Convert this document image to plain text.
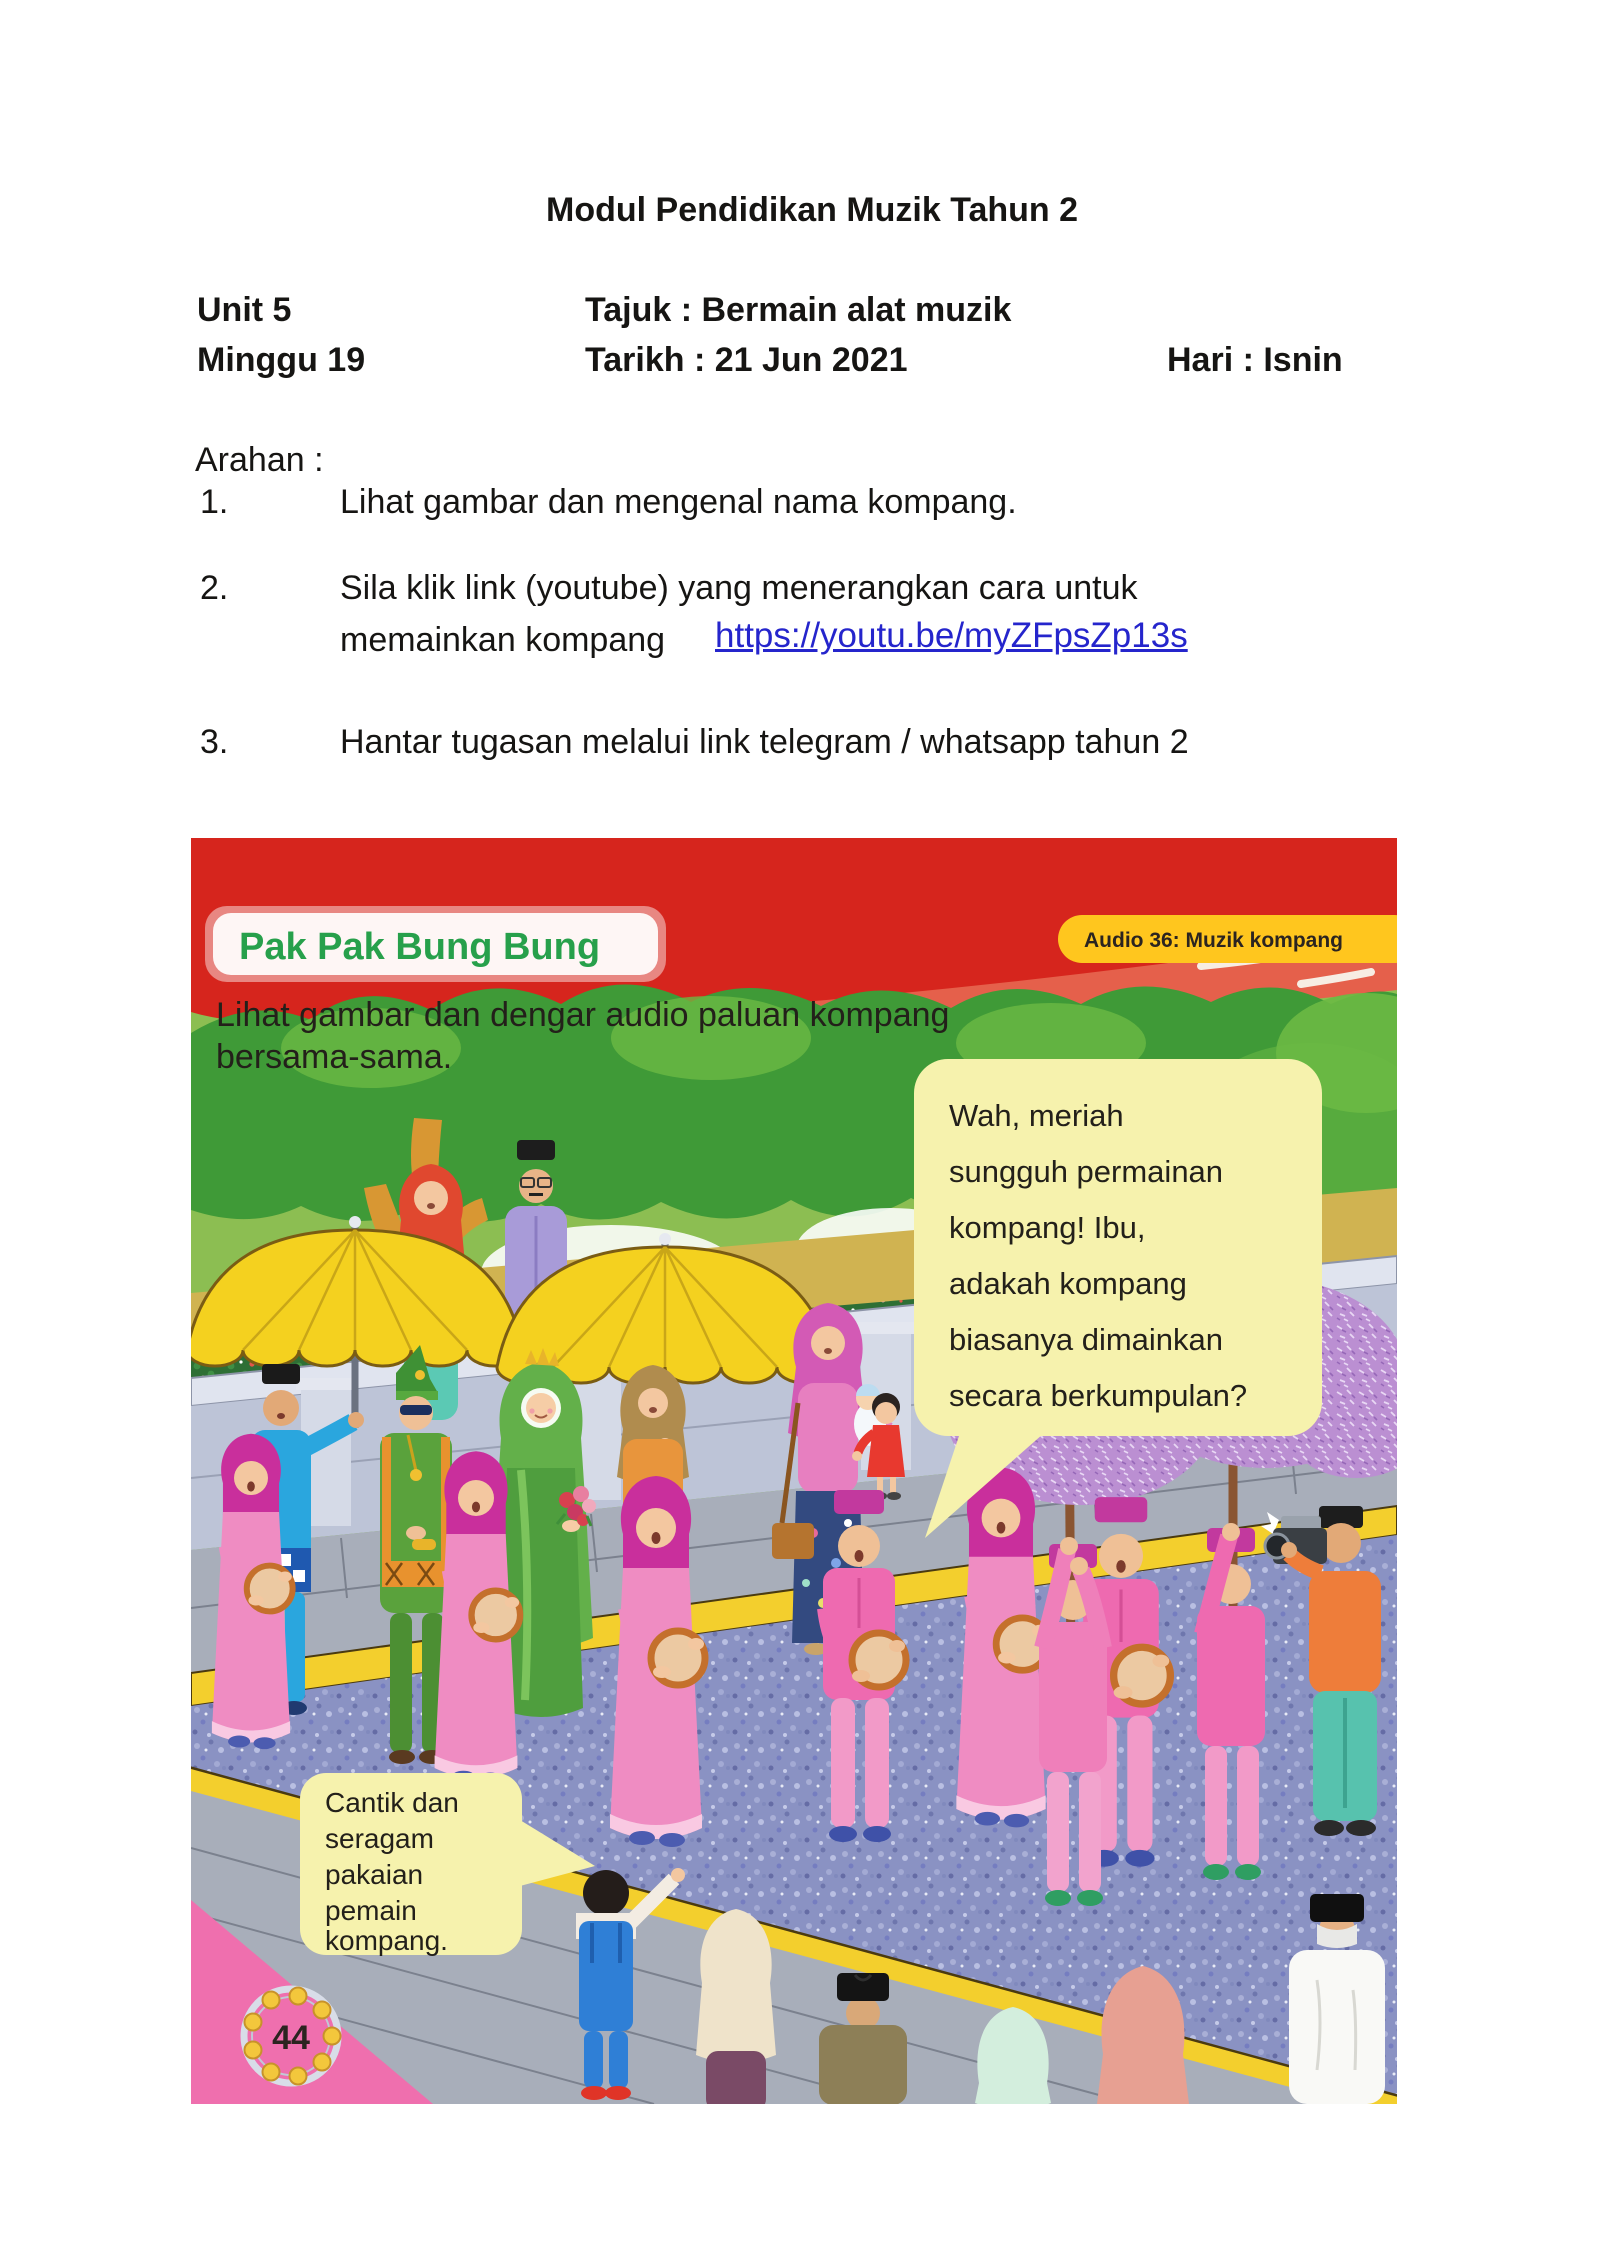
Modul Pendidikan Muzik Tahun 2
Unit 5	Tajuk : Bermain alat muzik
Minggu 19	Tarikh : 21 Jun 2021	Hari : Isnin
Arahan :
1.	Lihat gambar dan mengenal nama kompang.
2.	Sila klik link (youtube) yang menerangkan cara untuk
memainkan kompang https://youtu.be/myZFpsZp13s
3.	Hantar tugasan melalui link telegram / whatsapp tahun 2
44
Wah, meriah
sungguh permainan
kompang! Ibu,
adakah kompang
biasanya dimainkan
secara berkumpulan?
Cantik dan
seragam
pakaian
pemain
kompang.
Pak Pak Bung Bung	Audio 36: Muzik kompang
Lihat gambar dan dengar audio paluan kompang
bersama-sama.
